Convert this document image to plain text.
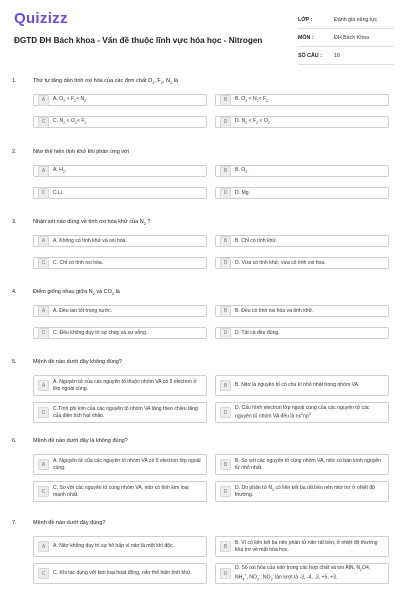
Quizizz
ĐGTD ĐH Bách khoa - Vấn đề thuộc lĩnh vực hóa học - Nitrogen
LỚP :	Đánh giá năng lực
MÔN :	ĐH Bách Khoa
SỐ CÂU :	16
1.	Thứ tự tăng dần tính oxi hóa của các đơn chất $O_2$, $F_2$, $N_2$ là
A	A. $O_2 < F_2< N_2$	B	B. $O_2 < N_2< F_2$
C	C. $N_2 < O_2< F_2$	D	D. $N_2 < F_2 < O_2$
2.	Nitơ thể hiện tính khử khi phản ứng với
A	A. $H_2$.	B	B. $O_2$.
C	C.Li.	D	D. Mg.
3.	Nhận xét nào đúng về tính oxi hóa khử của $N_2$ ?
A	A. Không có tính khử và oxi hóa.	B	B. Chỉ có tính khử.
C	C. Chỉ có tính oxi hóa.	D	D. Vừa có tính khử, vừa có tính oxi hóa.
4.	Điểm giống nhau giữa $N_2$ và $CO_2$ là
A	A. Đều tan tốt trong nước.	B	B. Đều có tính oxi hóa và tính khử.
C	C. Đều không duy trì sự cháy và sự sống.	D	D. Tất cả đều đúng.
5.	Mệnh đề nào dưới đây không đúng?
A
A. Nguyên tử của các nguyên tố thuộc nhóm VA có 5 electron ở lớp ngoài cùng.	B	B. Nitơ là nguyên tố có chu kì nhỏ nhất trong nhóm VA.
C
C.Tính phi kim của các nguyên tố nhóm VA tăng theo chiều tăng của điện tích hạt nhân.	D
D. Cấu hình electron lớp ngoài cùng của các nguyên tử các nguyên tố nhóm VA đều là $ns^2np^3$
6.	Mệnh đề nào dưới đây là không đúng?
A
A. Nguyên tử của các nguyên tố nhóm VA có 5 electron lớp ngoài cùng.	B
B. So với các nguyên tố cùng nhóm VA, nitơ có bán kính nguyên tử nhỏ nhất.
C
C. So với các nguyên tố cùng nhóm VA, nitơ có tính kim loại mạnh nhất.	D
D. Do phân tử $N_2$ có liên kết ba rất bền nên nitơ trơ ở nhiệt độ thường.
7.	Mệnh đề nào dưới đây đúng?
A	A. Nitơ không duy trì sự hô hấp vì nitơ là một khí độc.	B
B. Vì có liên kết ba nên phân tử nitơ rất bền, ở nhiệt độ thường khá trơ về mặt hóa học.
C	C. Khi tác dụng với kim loại hoạt động, nitơ thể hiện tính khử.	D
D. Số oxi hóa của nitơ trong các hợp chất và ion AlN, $N_2O4$, $NH_4^+$, $NO_3^-$, $NO_2^-$ lần lượt là -3, -4, -3, +5, +3.
